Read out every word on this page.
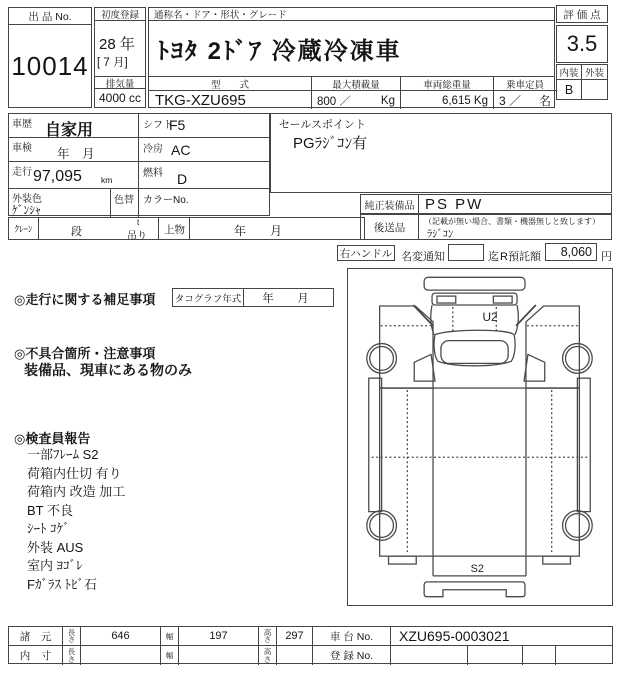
出 品 No.
10014
初度登録
28 年
[ 7 月]
排気量
4000 cc
通称名・ドア・形状・グレード
ﾄﾖﾀ 2ﾄﾞｱ 冷蔵冷凍車
型　　式
TKG-XZU695
最大積載量
800 ／	Kg
車両総重量
6,615 Kg
乗車定員
3 ／ 名
評 価 点
3.5
内装 外装
B
車歴 自家用	シフト
F5
車検 年　月	冷房 AC
走行 97,095 km
燃料 D
外装色
ｹﾞﾝｼｬ
色替 カラーNo.
ｸﾚｰﾝ	段
t
吊り
上物	年　　月
セールスポイント
PGﾗｼﾞｺﾝ有
純正装備品 PS PW
後送品	（記載が無い場合、書類・機器無しと致します）
ﾗｼﾞｺﾝ
右ハンドル 名変通知	迄 R預託額	8,060 円
◎走行に関する補足事項 タコグラフ年式	年　月
◎不具合箇所・注意事項
装備品、現車にある物のみ
◎検査員報告
一部ﾌﾚｰﾑ S2
荷箱内仕切 有り
荷箱内 改造 加工
BT 不良
ｼｰﾄ ｺｹﾞ
外装 AUS
室内 ﾖｺﾞﾚ
Fｶﾞﾗｽ ﾄﾋﾞ石
U2
S2
諸　元	長さ	646	幅	197	高さ	297	車 台 No.	XZU695-0003021
内　寸	長さ	幅	高さ	登 録 No.
